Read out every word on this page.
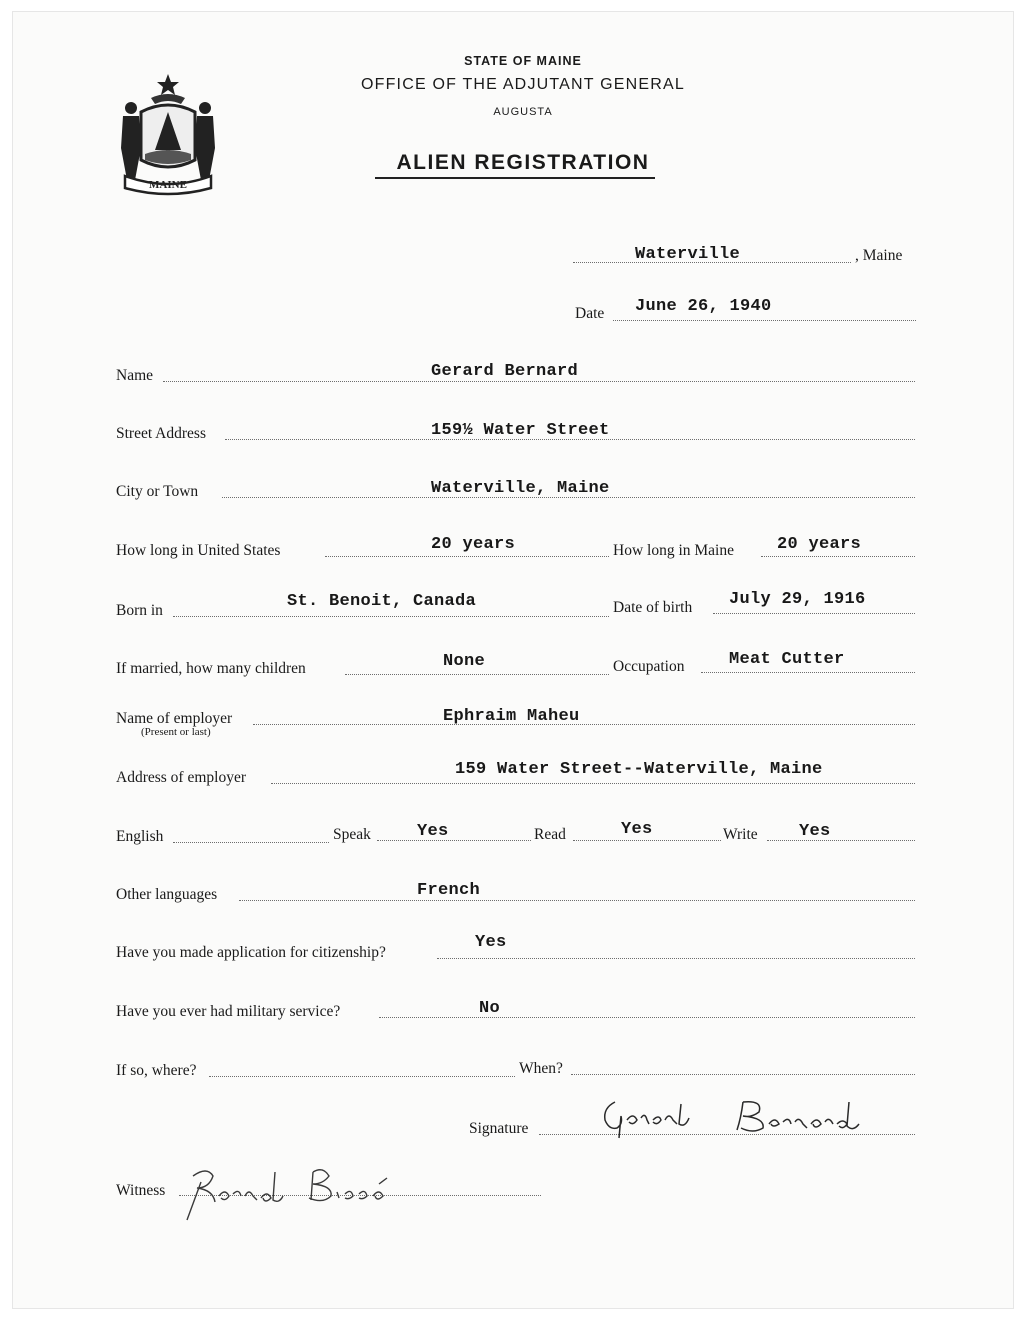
MAINE
STATE OF MAINE
OFFICE OF THE ADJUTANT GENERAL
AUGUSTA
ALIEN REGISTRATION
Waterville	, Maine
Date June 26, 1940
Name	Gerard Bernard
Street Address	159½ Water Street
City or Town	Waterville, Maine
How long in United States	20 years	How long in Maine	20 years
Born in	St. Benoit, Canada	Date of birth July 29, 1916
If married, how many children	None	Occupation	Meat Cutter
Name of employer
(Present or last)
Ephraim Maheu
Address of employer	159 Water Street--Waterville, Maine
English	Speak	Yes	Read	Yes	Write Yes
Other languages	French
Have you made application for citizenship?
Yes
Have you ever had military service?	No
If so, where?	When?
Signature
Witness
